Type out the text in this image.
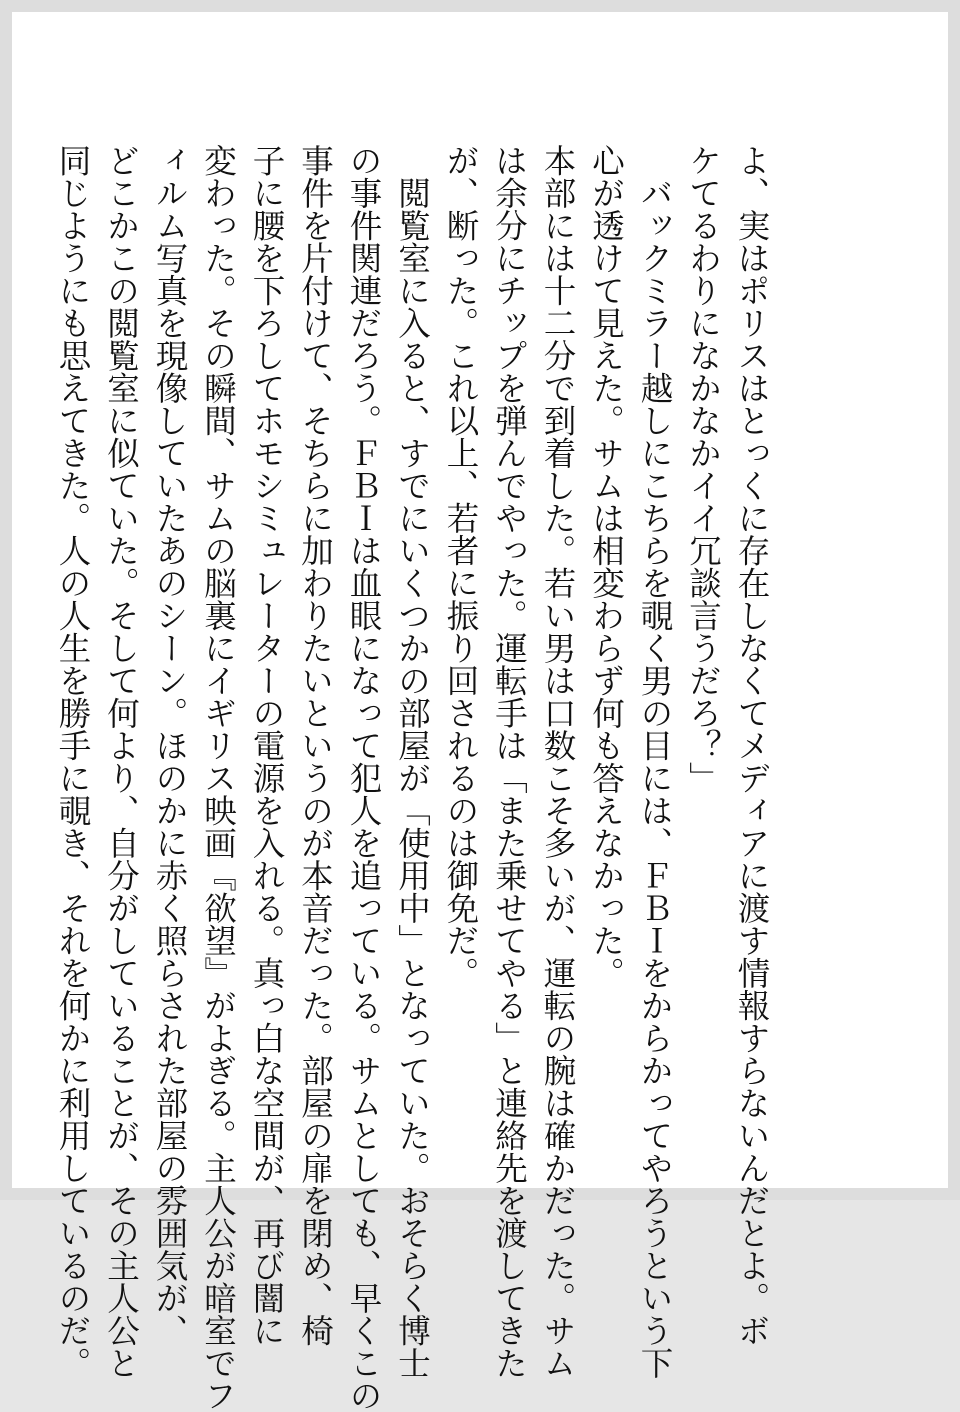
よ、実はポリスはとっくに存在しなくてメディアに渡す情報すらないんだとよ。ボ
ケてるわりになかなかイイ冗談言うだろ？」
　バックミラー越しにこちらを覗く男の目には、ＦＢＩをからかってやろうという下
心が透けて見えた。サムは相変わらず何も答えなかった。
本部には十二分で到着した。若い男は口数こそ多いが、運転の腕は確かだった。サム
は余分にチップを弾んでやった。運転手は「また乗せてやる」と連絡先を渡してきた
が、断った。これ以上、若者に振り回されるのは御免だ。
　閲覧室に入ると、すでにいくつかの部屋が「使用中」となっていた。おそらく博士
の事件関連だろう。ＦＢＩは血眼になって犯人を追っている。サムとしても、早くこの
事件を片付けて、そちらに加わりたいというのが本音だった。部屋の扉を閉め、椅
子に腰を下ろしてホモシミュレーターの電源を入れる。真っ白な空間が、再び闇に
変わった。その瞬間、サムの脳裏にイギリス映画『欲望』がよぎる。主人公が暗室でフ
ィルム写真を現像していたあのシーン。ほのかに赤く照らされた部屋の雰囲気が、
どこかこの閲覧室に似ていた。そして何より、自分がしていることが、その主人公と
同じようにも思えてきた。人の人生を勝手に覗き、それを何かに利用しているのだ。
